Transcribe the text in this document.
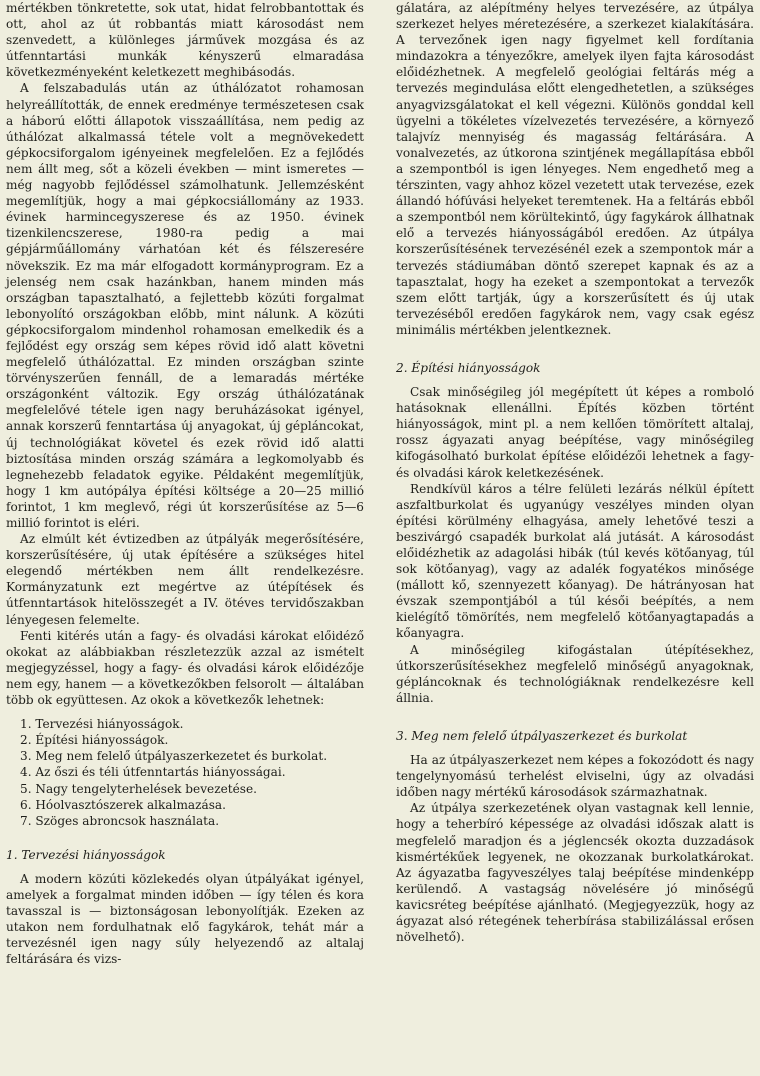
mértékben tönkretette, sok utat, hidat felrobbantottak és ott, ahol az út robbantás miatt károsodást nem szenvedett, a különleges járművek mozgása és az útfenntartási munkák kényszerű elmaradása következményeként keletkezett meghibásodás.

A felszabadulás után az úthálózatot rohamosan helyreállították, de ennek eredménye természetesen csak a háború előtti állapotok visszaállítása, nem pedig az úthálózat alkalmassá tétele volt a megnövekedett gépkocsiforgalom igényeinek megfelelően. Ez a fejlődés nem állt meg, sőt a közeli években — mint ismeretes — még nagyobb fejlődéssel számolhatunk. Jellemzésként megemlítjük, hogy a mai gépkocsiállomány az 1933. évinek harmincegyszerese és az 1950. évinek tizenkilencszerese, 1980-ra pedig a mai gépjárműállomány várhatóan két és félszeresére növekszik. Ez ma már elfogadott kormányprogram. Ez a jelenség nem csak hazánkban, hanem minden más országban tapasztalható, a fejlettebb közúti forgalmat lebonyolító országokban előbb, mint nálunk. A közúti gépkocsiforgalom mindenhol rohamosan emelkedik és a fejlődést egy ország sem képes rövid idő alatt követni megfelelő úthálózattal. Ez minden országban szinte törvényszerűen fennáll, de a lemaradás mértéke országonként változik. Egy ország úthálózatának megfelelővé tétele igen nagy beruházásokat igényel, annak korszerű fenntartása új anyagokat, új gépláncokat, új technológiákat követel és ezek rövid idő alatti biztosítása minden ország számára a legkomolyabb és legnehezebb feladatok egyike. Példaként megemlítjük, hogy 1 km autópálya építési költsége a 20—25 millió forintot, 1 km meglevő, régi út korszerűsítése az 5—6 millió forintot is eléri.

Az elmúlt két évtizedben az útpályák megerősítésére, korszerűsítésére, új utak építésére a szükséges hitel elegendő mértékben nem állt rendelkezésre. Kormányzatunk ezt megértve az útépítések és útfenntartások hitelösszegét a IV. ötéves tervidőszakban lényegesen felemelte.

Fenti kitérés után a fagy- és olvadási károkat előidéző okokat az alábbiakban részletezzük azzal az ismételt megjegyzéssel, hogy a fagy- és olvadási károk előidézője nem egy, hanem — a következőkben felsorolt — általában több ok együttesen. Az okok a következők lehetnek:

1. Tervezési hiányosságok.
2. Építési hiányosságok.
3. Meg nem felelő útpályaszerkezetet és burkolat.
4. Az őszi és téli útfenntartás hiányosságai.
5. Nagy tengelyterhelések bevezetése.
6. Hóolvasztószerek alkalmazása.
7. Szöges abroncsok használata.

1. Tervezési hiányosságok

A modern közúti közlekedés olyan útpályákat igényel, amelyek a forgalmat minden időben — így télen és kora tavasszal is — biztonságosan lebonyolítják. Ezeken az utakon nem fordulhatnak elő fagykárok, tehát már a tervezésnél igen nagy súly helyezendő az altalaj feltárására és vizs-

gálatára, az alépítmény helyes tervezésére, az útpálya szerkezet helyes méretezésére, a szerkezet kialakítására. A tervezőnek igen nagy figyelmet kell fordítania mindazokra a tényezőkre, amelyek ilyen fajta károsodást előidézhetnek. A megfelelő geológiai feltárás még a tervezés megindulása előtt elengedhetetlen, a szükséges anyagvizsgálatokat el kell végezni. Különös gonddal kell ügyelni a tökéletes vízelvezetés tervezésére, a környező talajvíz mennyiség és magasság feltárására. A vonalvezetés, az útkorona szintjének megállapítása ebből a szempontból is igen lényeges. Nem engedhető meg a térszinten, vagy ahhoz közel vezetett utak tervezése, ezek állandó hófúvási helyeket teremtenek. Ha a feltárás ebből a szempontból nem körültekintő, úgy fagykárok állhatnak elő a tervezés hiányosságából eredően. Az útpálya korszerűsítésének tervezésénél ezek a szempontok már a tervezés stádiumában döntő szerepet kapnak és az a tapasztalat, hogy ha ezeket a szempontokat a tervezők szem előtt tartják, úgy a korszerűsített és új utak tervezéséből eredően fagykárok nem, vagy csak egész minimális mértékben jelentkeznek.

2. Építési hiányosságok

Csak minőségileg jól megépített út képes a romboló hatásoknak ellenállni. Építés közben történt hiányosságok, mint pl. a nem kellően tömörített altalaj, rossz ágyazati anyag beépítése, vagy minőségileg kifogásolható burkolat építése előidézői lehetnek a fagy- és olvadási károk keletkezésének.

Rendkívül káros a télre felületi lezárás nélkül épített aszfaltburkolat és ugyanúgy veszélyes minden olyan építési körülmény elhagyása, amely lehetővé teszi a beszivárgó csapadék burkolat alá jutását. A károsodást előidézhetik az adagolási hibák (túl kevés kötőanyag, túl sok kötőanyag), vagy az adalék fogyatékos minősége (mállott kő, szennyezett kőanyag). De hátrányosan hat évszak szempontjából a túl késői beépítés, a nem kielégítő tömörítés, nem megfelelő kötőanyagtapadás a kőanyagra.

A minőségileg kifogástalan útépítésekhez, útkorszerűsítésekhez megfelelő minőségű anyagoknak, gépláncoknak és technológiáknak rendelkezésre kell állnia.

3. Meg nem felelő útpályaszerkezet és burkolat

Ha az útpályaszerkezet nem képes a fokozódott és nagy tengelynyomású terhelést elviselni, úgy az olvadási időben nagy mértékű károsodások származhatnak.

Az útpálya szerkezetének olyan vastagnak kell lennie, hogy a teherbíró képessége az olvadási időszak alatt is megfelelő maradjon és a jéglencsék okozta duzzadások kismértékűek legyenek, ne okozzanak burkolatkárokat. Az ágyazatba fagyveszélyes talaj beépítése mindenképp kerülendő. A vastagság növelésére jó minőségű kavicsréteg beépítése ajánlható. (Megjegyezzük, hogy az ágyazat alsó rétegének teherbírása stabilizálással erősen növelhető).
